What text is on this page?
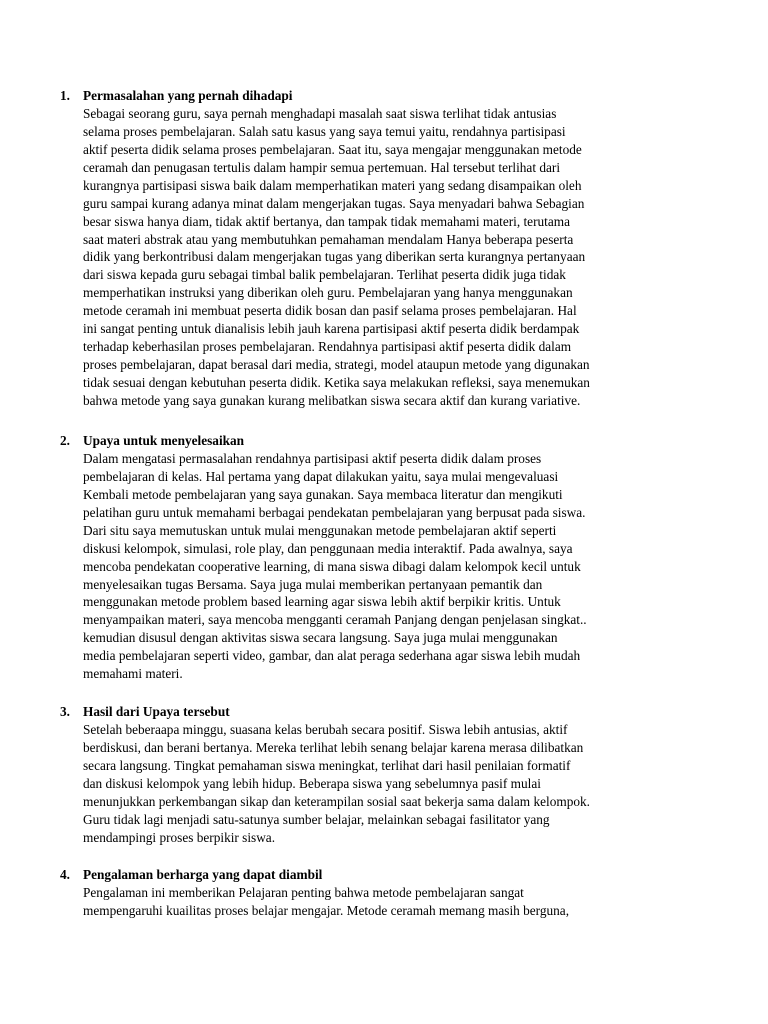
1. Permasalahan yang pernah dihadapi
Sebagai seorang guru, saya pernah menghadapi masalah saat siswa terlihat tidak antusias
selama proses pembelajaran. Salah satu kasus yang saya temui yaitu, rendahnya partisipasi
aktif peserta didik selama proses pembelajaran. Saat itu, saya mengajar menggunakan metode
ceramah dan penugasan tertulis dalam hampir semua pertemuan. Hal tersebut terlihat dari
kurangnya partisipasi siswa baik dalam memperhatikan materi yang sedang disampaikan oleh
guru sampai kurang adanya minat dalam mengerjakan tugas. Saya menyadari bahwa Sebagian
besar siswa hanya diam, tidak aktif bertanya, dan tampak tidak memahami materi, terutama
saat materi abstrak atau yang membutuhkan pemahaman mendalam Hanya beberapa peserta
didik yang berkontribusi dalam mengerjakan tugas yang diberikan serta kurangnya pertanyaan
dari siswa kepada guru sebagai timbal balik pembelajaran. Terlihat peserta didik juga tidak
memperhatikan instruksi yang diberikan oleh guru. Pembelajaran yang hanya menggunakan
metode ceramah ini membuat peserta didik bosan dan pasif selama proses pembelajaran. Hal
ini sangat penting untuk dianalisis lebih jauh karena partisipasi aktif peserta didik berdampak
terhadap keberhasilan proses pembelajaran. Rendahnya partisipasi aktif peserta didik dalam
proses pembelajaran, dapat berasal dari media, strategi, model ataupun metode yang digunakan
tidak sesuai dengan kebutuhan peserta didik. Ketika saya melakukan refleksi, saya menemukan
bahwa metode yang saya gunakan kurang melibatkan siswa secara aktif dan kurang variative.
2. Upaya untuk menyelesaikan
Dalam mengatasi permasalahan rendahnya partisipasi aktif peserta didik dalam proses
pembelajaran di kelas. Hal pertama yang dapat dilakukan yaitu, saya mulai mengevaluasi
Kembali metode pembelajaran yang saya gunakan. Saya membaca literatur dan mengikuti
pelatihan guru untuk memahami berbagai pendekatan pembelajaran yang berpusat pada siswa.
Dari situ saya memutuskan untuk mulai menggunakan metode pembelajaran aktif seperti
diskusi kelompok, simulasi, role play, dan penggunaan media interaktif. Pada awalnya, saya
mencoba pendekatan cooperative learning, di mana siswa dibagi dalam kelompok kecil untuk
menyelesaikan tugas Bersama. Saya juga mulai memberikan pertanyaan pemantik dan
menggunakan metode problem based learning agar siswa lebih aktif berpikir kritis. Untuk
menyampaikan materi, saya mencoba mengganti ceramah Panjang dengan penjelasan singkat..
kemudian disusul dengan aktivitas siswa secara langsung. Saya juga mulai menggunakan
media pembelajaran seperti video, gambar, dan alat peraga sederhana agar siswa lebih mudah
memahami materi.
3. Hasil dari Upaya tersebut
Setelah beberaapa minggu, suasana kelas berubah secara positif. Siswa lebih antusias, aktif
berdiskusi, dan berani bertanya. Mereka terlihat lebih senang belajar karena merasa dilibatkan
secara langsung. Tingkat pemahaman siswa meningkat, terlihat dari hasil penilaian formatif
dan diskusi kelompok yang lebih hidup. Beberapa siswa yang sebelumnya pasif mulai
menunjukkan perkembangan sikap dan keterampilan sosial saat bekerja sama dalam kelompok.
Guru tidak lagi menjadi satu-satunya sumber belajar, melainkan sebagai fasilitator yang
mendampingi proses berpikir siswa.
4. Pengalaman berharga yang dapat diambil
Pengalaman ini memberikan Pelajaran penting bahwa metode pembelajaran sangat
mempengaruhi kuailitas proses belajar mengajar. Metode ceramah memang masih berguna,
